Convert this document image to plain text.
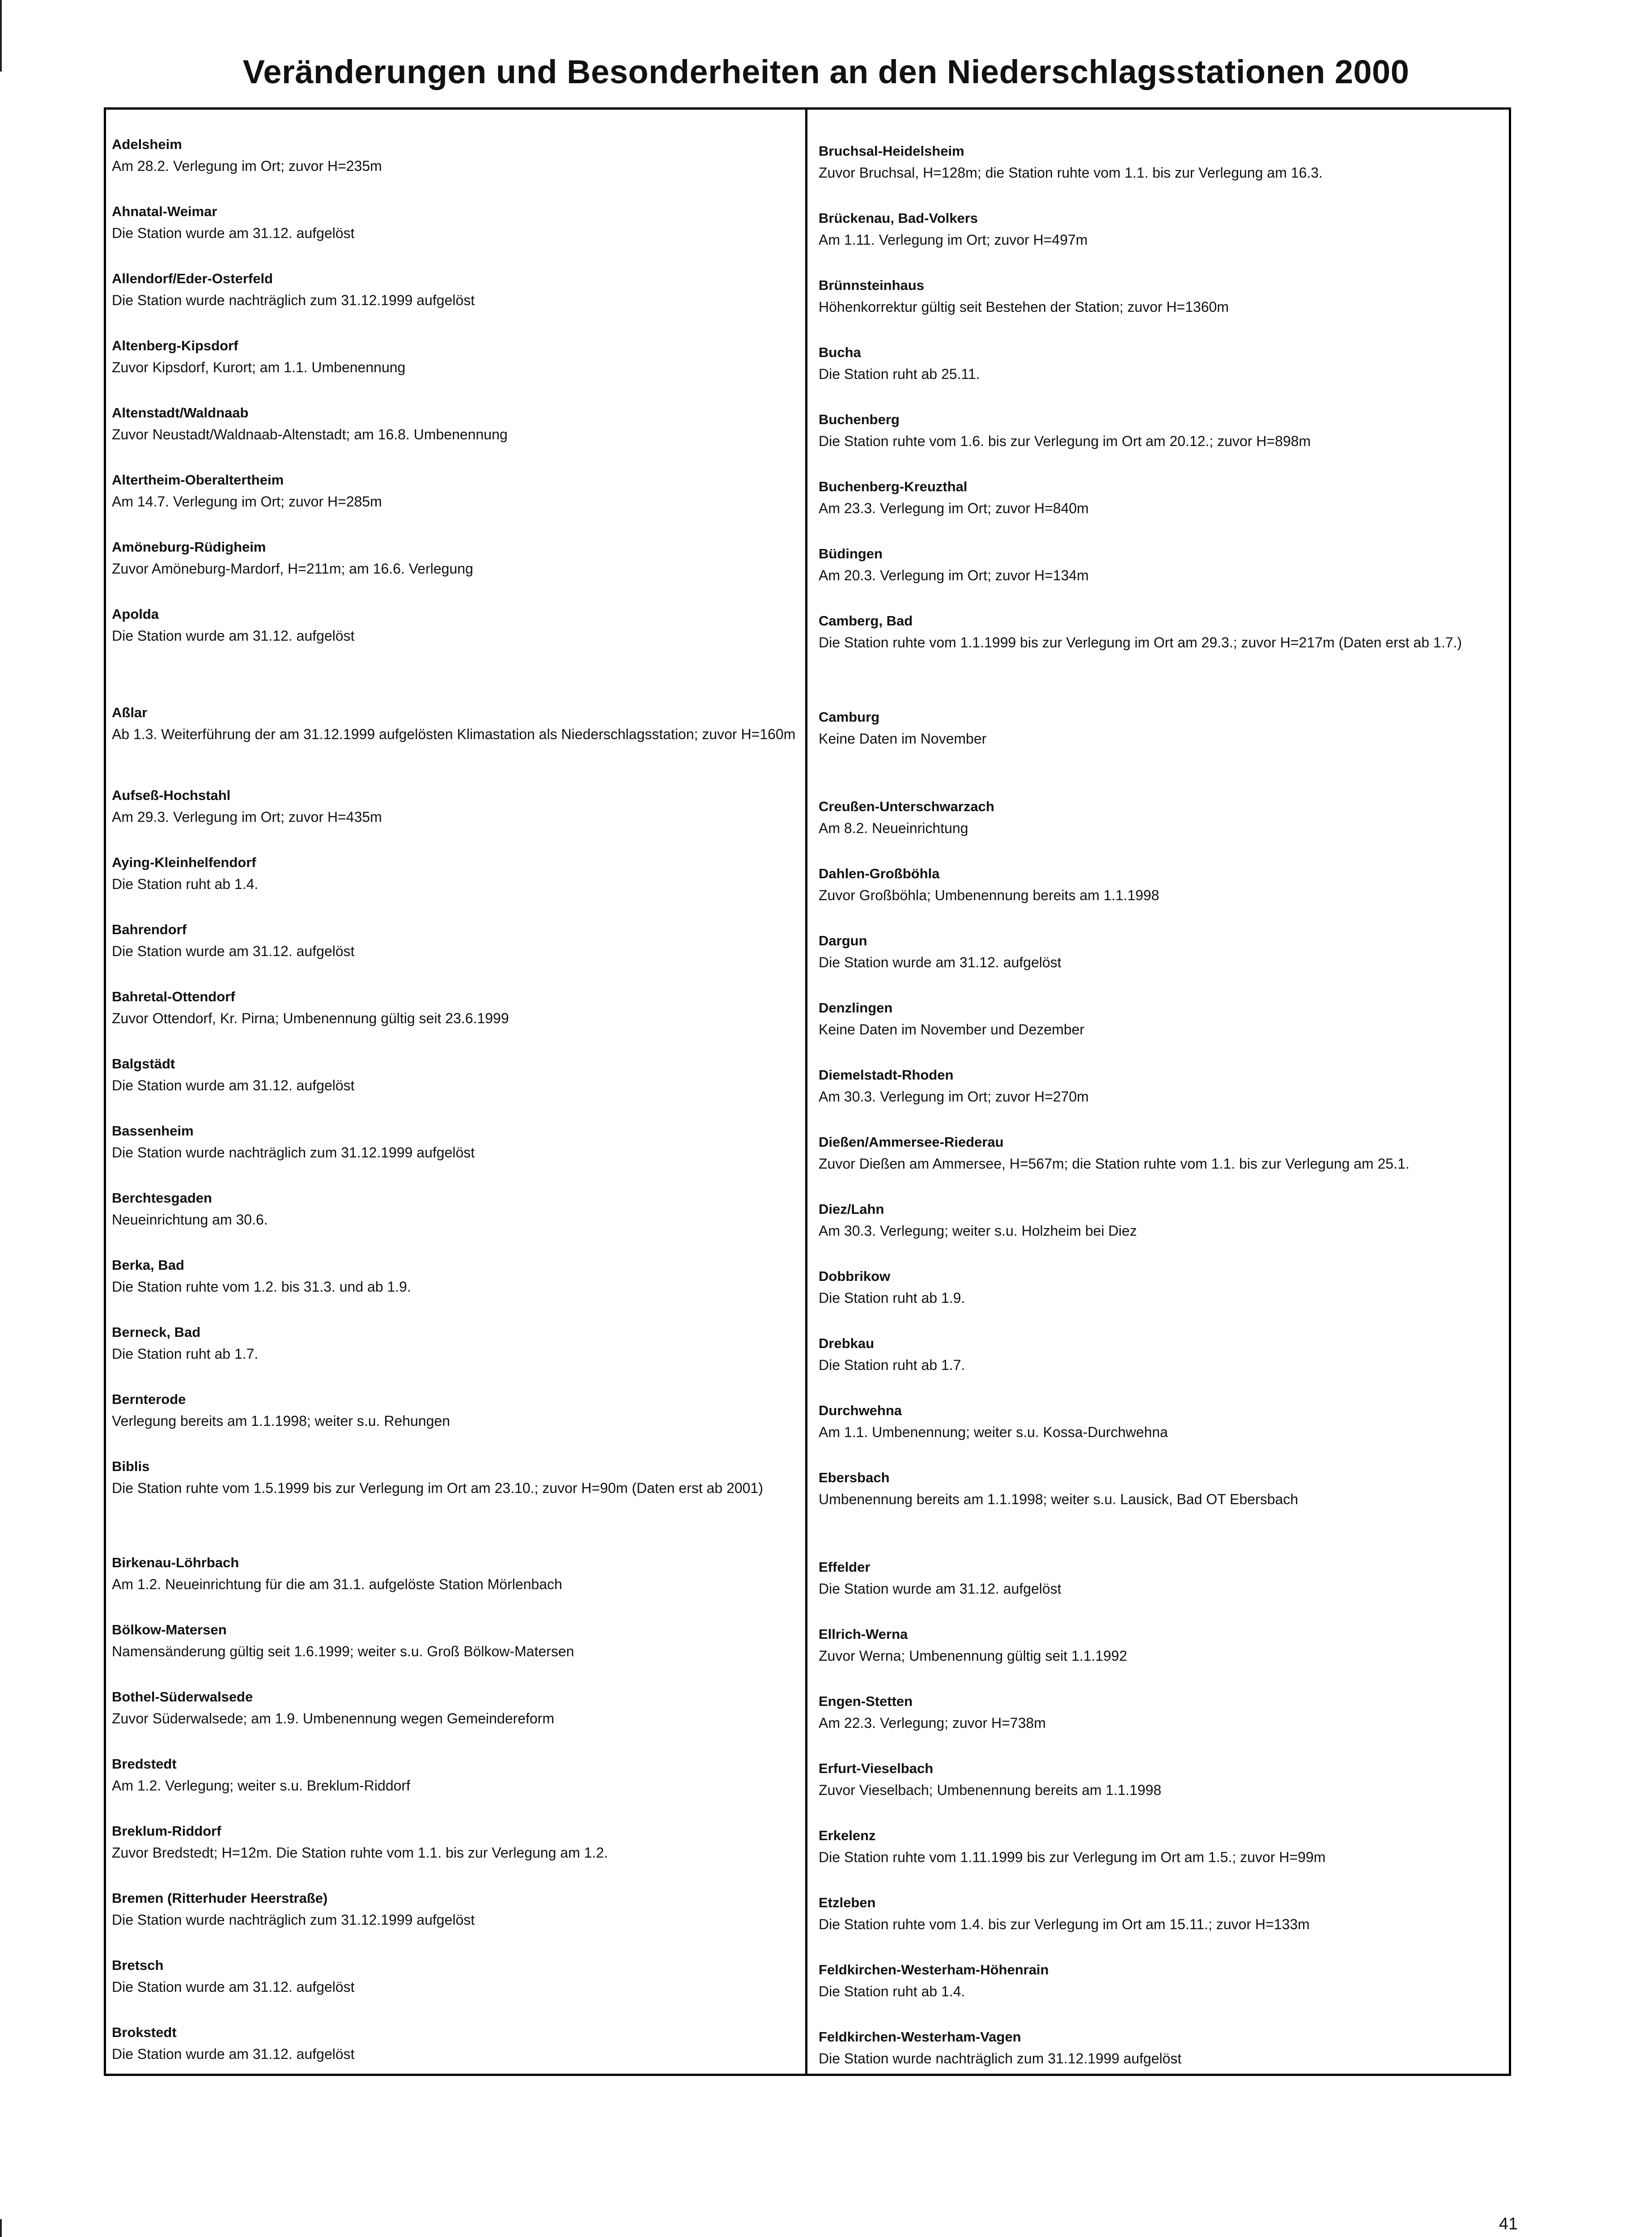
Veränderungen und Besonderheiten an den Niederschlagsstationen 2000
Adelsheim
Am 28.2. Verlegung im Ort; zuvor H=235m
Ahnatal-Weimar
Die Station wurde am 31.12. aufgelöst
Allendorf/Eder-Osterfeld
Die Station wurde nachträglich zum 31.12.1999 aufgelöst
Altenberg-Kipsdorf
Zuvor Kipsdorf, Kurort; am 1.1. Umbenennung
Altenstadt/Waldnaab
Zuvor Neustadt/Waldnaab-Altenstadt; am 16.8. Umbenennung
Altertheim-Oberaltertheim
Am 14.7. Verlegung im Ort; zuvor H=285m
Amöneburg-Rüdigheim
Zuvor Amöneburg-Mardorf, H=211m; am 16.6. Verlegung
Apolda
Die Station wurde am 31.12. aufgelöst
Aßlar
Ab 1.3. Weiterführung der am 31.12.1999 aufgelösten Klimastation als Niederschlagsstation; zuvor H=160m
Aufseß-Hochstahl
Am 29.3. Verlegung im Ort; zuvor H=435m
Aying-Kleinhelfendorf
Die Station ruht ab 1.4.
Bahrendorf
Die Station wurde am 31.12. aufgelöst
Bahretal-Ottendorf
Zuvor Ottendorf, Kr. Pirna; Umbenennung gültig seit 23.6.1999
Balgstädt
Die Station wurde am 31.12. aufgelöst
Bassenheim
Die Station wurde nachträglich zum 31.12.1999 aufgelöst
Berchtesgaden
Neueinrichtung am 30.6.
Berka, Bad
Die Station ruhte vom 1.2. bis 31.3. und ab 1.9.
Berneck, Bad
Die Station ruht ab 1.7.
Bernterode
Verlegung bereits am 1.1.1998; weiter s.u. Rehungen
Biblis
Die Station ruhte vom 1.5.1999 bis zur Verlegung im Ort am 23.10.; zuvor H=90m (Daten erst ab 2001)
Birkenau-Löhrbach
Am 1.2. Neueinrichtung für die am 31.1. aufgelöste Station Mörlenbach
Bölkow-Matersen
Namensänderung gültig seit 1.6.1999; weiter s.u. Groß Bölkow-Matersen
Bothel-Süderwalsede
Zuvor Süderwalsede; am 1.9. Umbenennung wegen Gemeindereform
Bredstedt
Am 1.2. Verlegung; weiter s.u. Breklum-Riddorf
Breklum-Riddorf
Zuvor Bredstedt; H=12m. Die Station ruhte vom 1.1. bis zur Verlegung am 1.2.
Bremen (Ritterhuder Heerstraße)
Die Station wurde nachträglich zum 31.12.1999 aufgelöst
Bretsch
Die Station wurde am 31.12. aufgelöst
Brokstedt
Die Station wurde am 31.12. aufgelöst
Bruchsal-Heidelsheim
Zuvor Bruchsal, H=128m; die Station ruhte vom 1.1. bis zur Verlegung am 16.3.
Brückenau, Bad-Volkers
Am 1.11. Verlegung im Ort; zuvor H=497m
Brünnsteinhaus
Höhenkorrektur gültig seit Bestehen der Station; zuvor H=1360m
Bucha
Die Station ruht ab 25.11.
Buchenberg
Die Station ruhte vom 1.6. bis zur Verlegung im Ort am 20.12.; zuvor H=898m
Buchenberg-Kreuzthal
Am 23.3. Verlegung im Ort; zuvor H=840m
Büdingen
Am 20.3. Verlegung im Ort; zuvor H=134m
Camberg, Bad
Die Station ruhte vom 1.1.1999 bis zur Verlegung im Ort am 29.3.; zuvor H=217m (Daten erst ab 1.7.)
Camburg
Keine Daten im November
Creußen-Unterschwarzach
Am 8.2. Neueinrichtung
Dahlen-Großböhla
Zuvor Großböhla; Umbenennung bereits am 1.1.1998
Dargun
Die Station wurde am 31.12. aufgelöst
Denzlingen
Keine Daten im November und Dezember
Diemelstadt-Rhoden
Am 30.3. Verlegung im Ort; zuvor H=270m
Dießen/Ammersee-Riederau
Zuvor Dießen am Ammersee, H=567m; die Station ruhte vom 1.1. bis zur Verlegung am 25.1.
Diez/Lahn
Am 30.3. Verlegung; weiter s.u. Holzheim bei Diez
Dobbrikow
Die Station ruht ab 1.9.
Drebkau
Die Station ruht ab 1.7.
Durchwehna
Am 1.1. Umbenennung; weiter s.u. Kossa-Durchwehna
Ebersbach
Umbenennung bereits am 1.1.1998; weiter s.u. Lausick, Bad OT Ebersbach
Effelder
Die Station wurde am 31.12. aufgelöst
Ellrich-Werna
Zuvor Werna; Umbenennung gültig seit 1.1.1992
Engen-Stetten
Am 22.3. Verlegung; zuvor H=738m
Erfurt-Vieselbach
Zuvor Vieselbach; Umbenennung bereits am 1.1.1998
Erkelenz
Die Station ruhte vom 1.11.1999 bis zur Verlegung im Ort am 1.5.; zuvor H=99m
Etzleben
Die Station ruhte vom 1.4. bis zur Verlegung im Ort am 15.11.; zuvor H=133m
Feldkirchen-Westerham-Höhenrain
Die Station ruht ab 1.4.
Feldkirchen-Westerham-Vagen
Die Station wurde nachträglich zum 31.12.1999 aufgelöst
41
